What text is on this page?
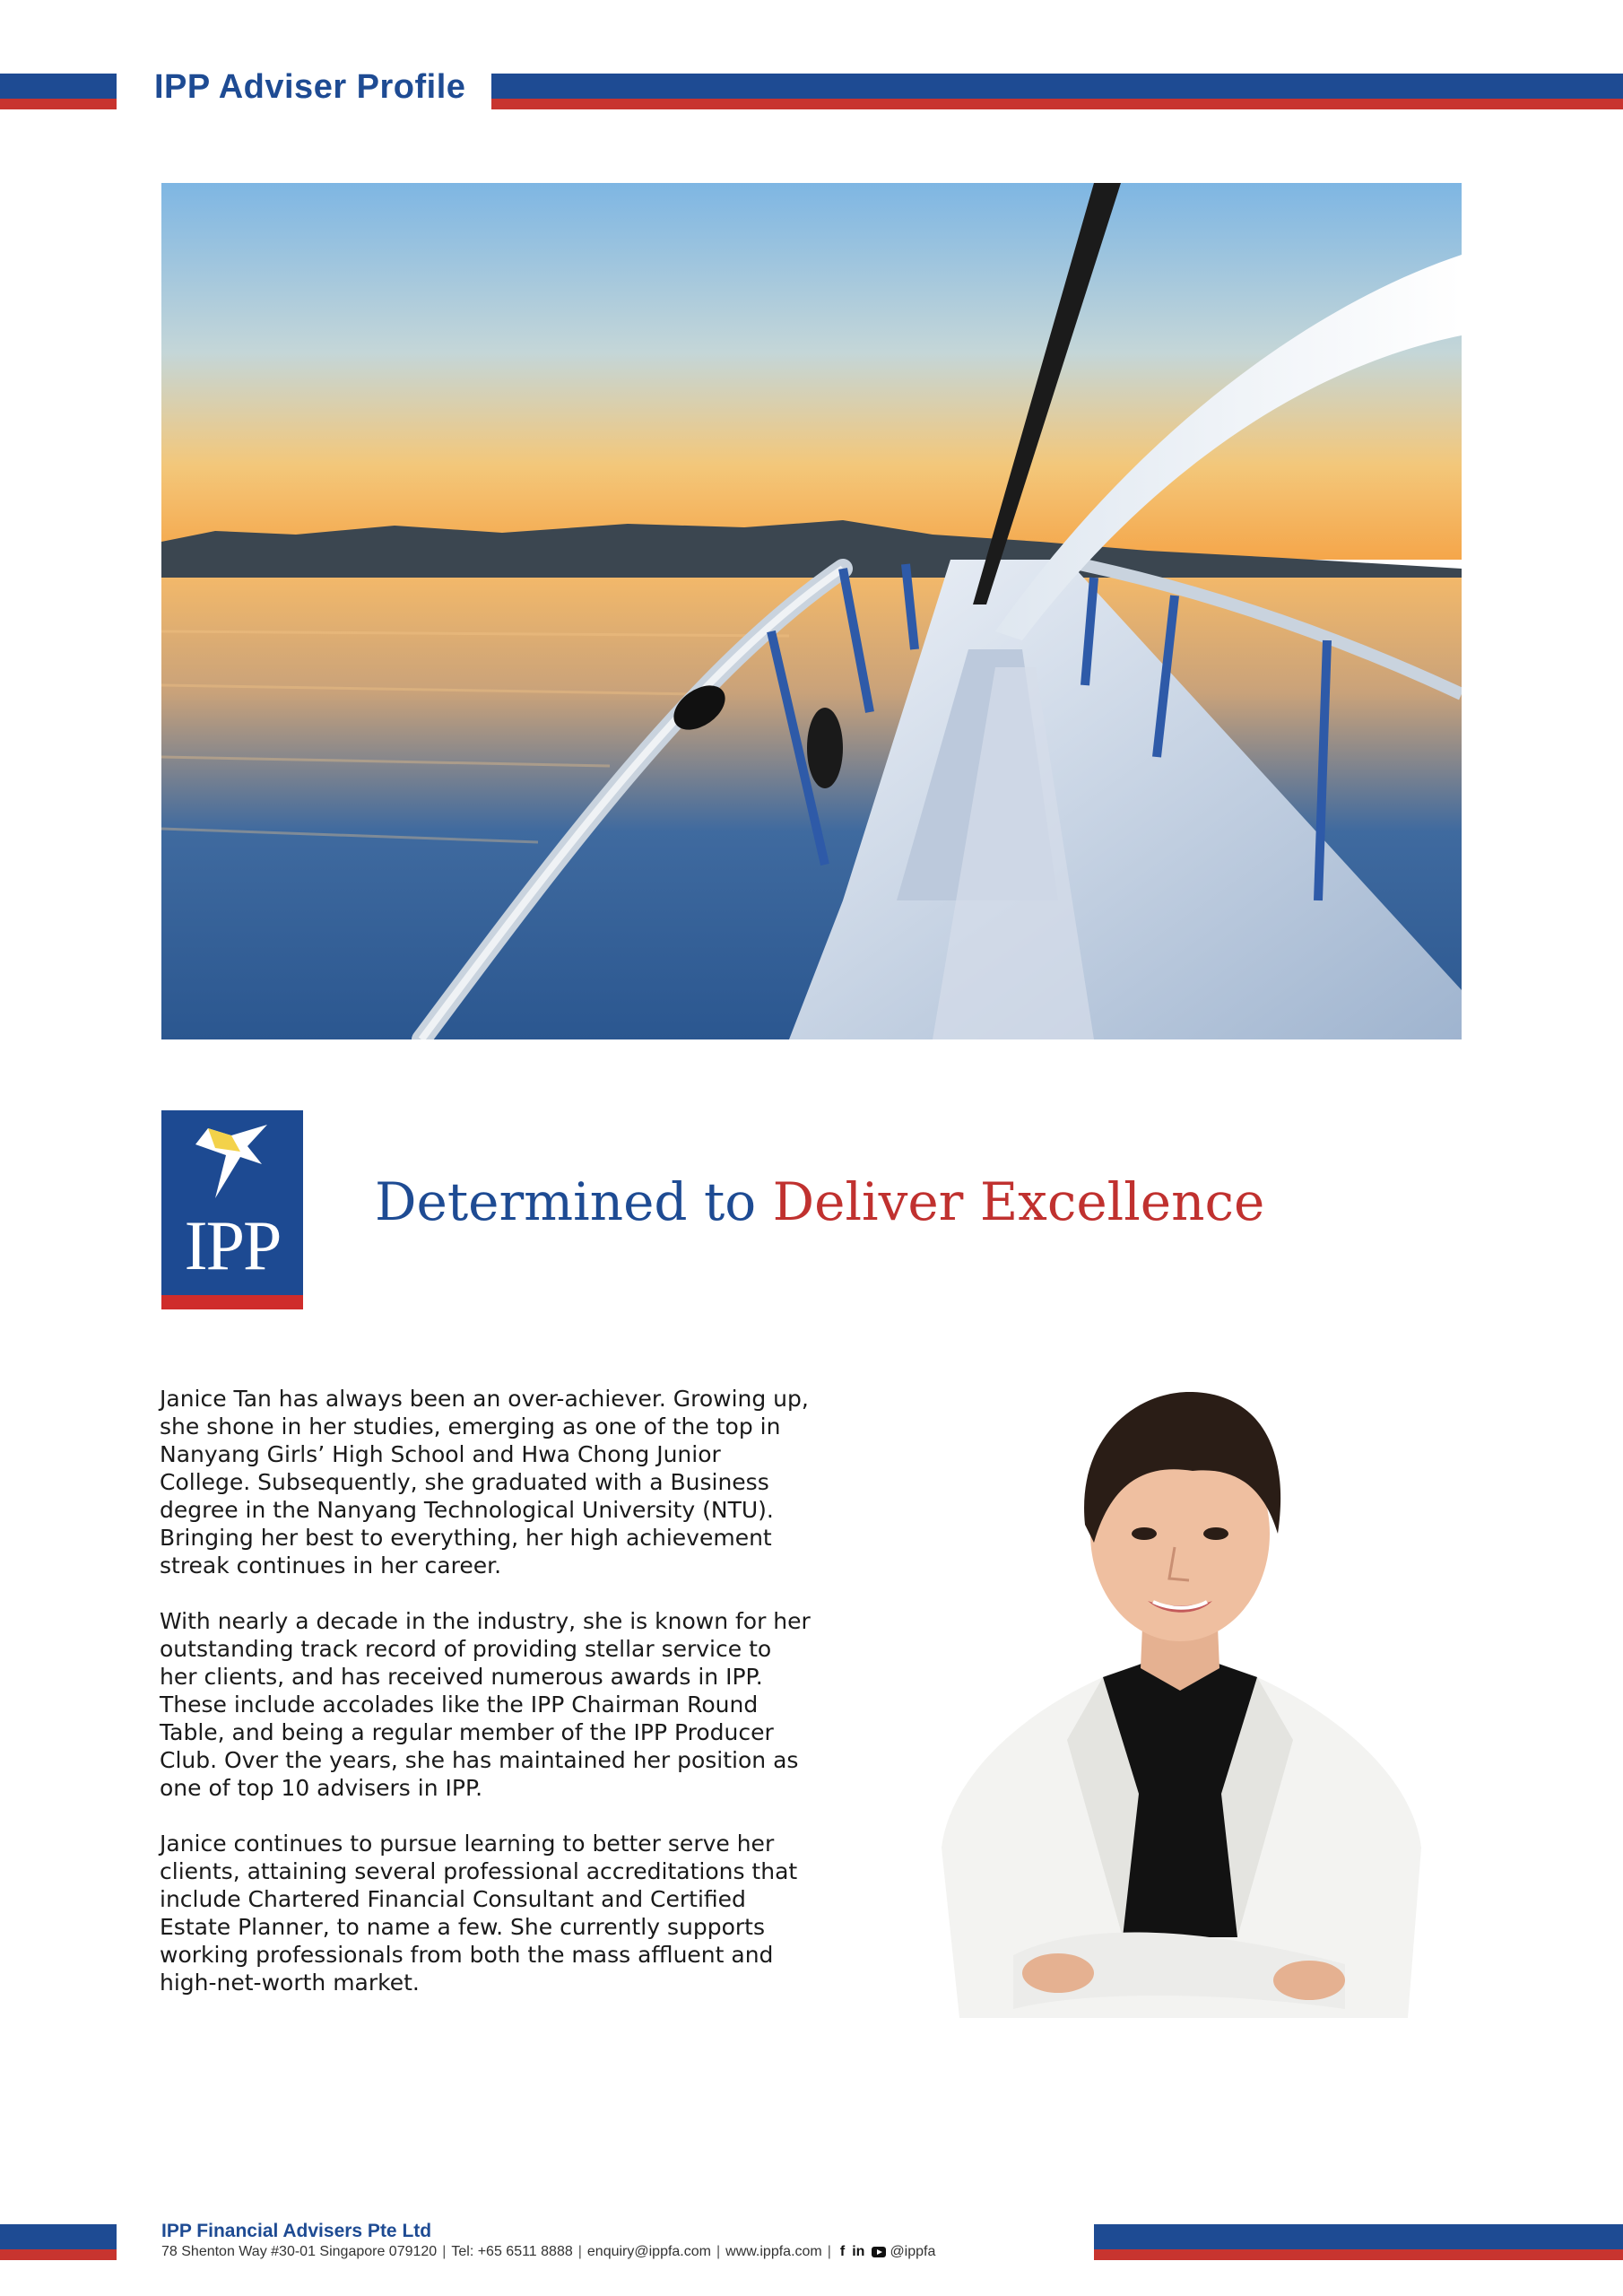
IPP Adviser Profile
IPP
Determined to Deliver Excellence

Janice Tan has always been an over-achiever. Growing up, she shone in her studies, emerging as one of the top in Nanyang Girls’ High School and Hwa Chong Junior College. Subsequently, she graduated with a Business degree in the Nanyang Technological University (NTU). Bringing her best to everything, her high achievement streak continues in her career.

With nearly a decade in the industry, she is known for her outstanding track record of providing stellar service to her clients, and has received numerous awards in IPP. These include accolades like the IPP Chairman Round Table, and being a regular member of the IPP Producer Club. Over the years, she has maintained her position as one of top 10 advisers in IPP.

Janice continues to pursue learning to better serve her clients, attaining several professional accreditations that include Chartered Financial Consultant and Certified Estate Planner, to name a few. She currently supports working professionals from both the mass affluent and high-net-worth market.

IPP Financial Advisers Pte Ltd
78 Shenton Way #30-01 Singapore 079120 | Tel: +65 6511 8888 | enquiry@ippfa.com | www.ippfa.com | f in @ippfa
